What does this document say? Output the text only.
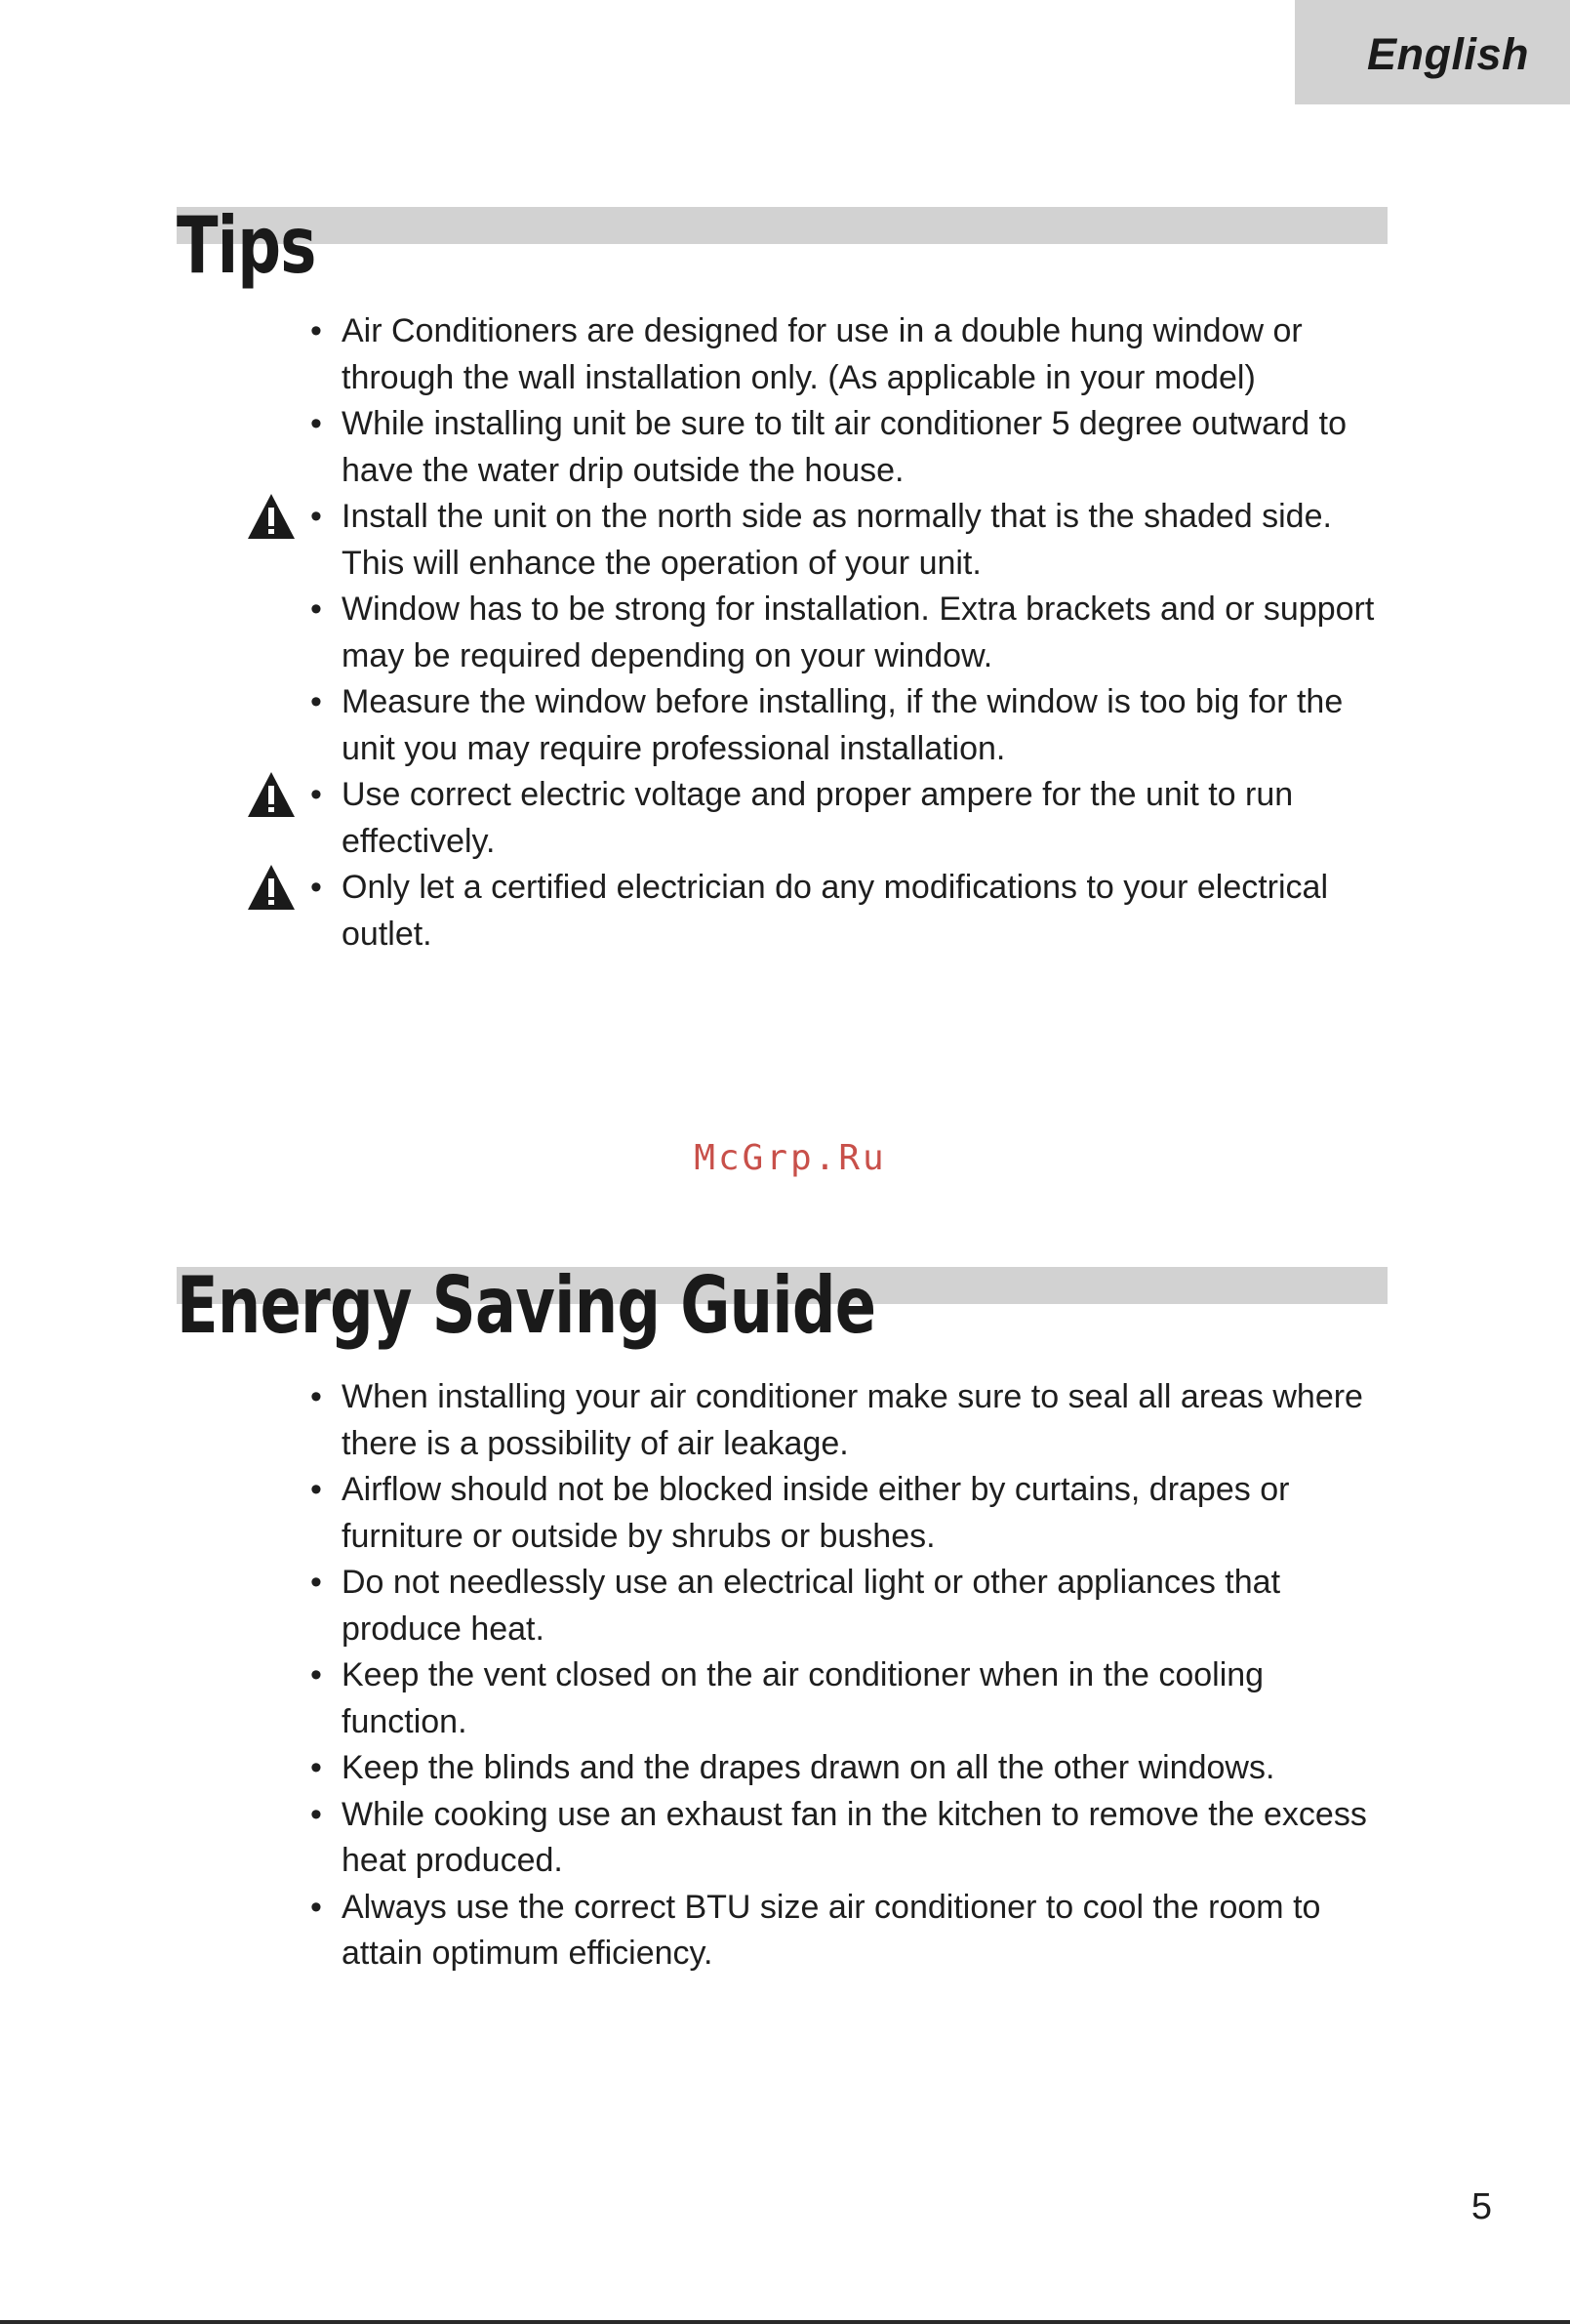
English
Tips
• Air Conditioners are designed for use in a double hung window or through the wall installation only. (As applicable in your model)
• While installing unit be sure to tilt air conditioner 5 degree outward to have the water drip outside the house.
• Install the unit on the north side as normally that is the shaded side. This will enhance the operation of your unit.
• Window has to be strong for installation. Extra brackets and or support may be required depending on your window.
• Measure the window before installing, if the window is too big for the unit you may require professional installation.
• Use correct electric voltage and proper ampere for the unit to run effectively.
• Only let a certified electrician do any modifications to your electrical outlet.
McGrp.Ru
Energy Saving Guide
• When installing your air conditioner make sure to seal all areas where there is a possibility of air leakage.
• Airflow should not be blocked inside either by curtains, drapes or furniture or outside by shrubs or bushes.
• Do not needlessly use an electrical light or other appliances that produce heat.
• Keep the vent closed on the air conditioner when in the cooling function.
• Keep the blinds and the drapes drawn on all the other windows.
• While cooking use an exhaust fan in the kitchen to remove the excess heat produced.
• Always use the correct BTU size air conditioner to cool the room to attain optimum efficiency.
5
